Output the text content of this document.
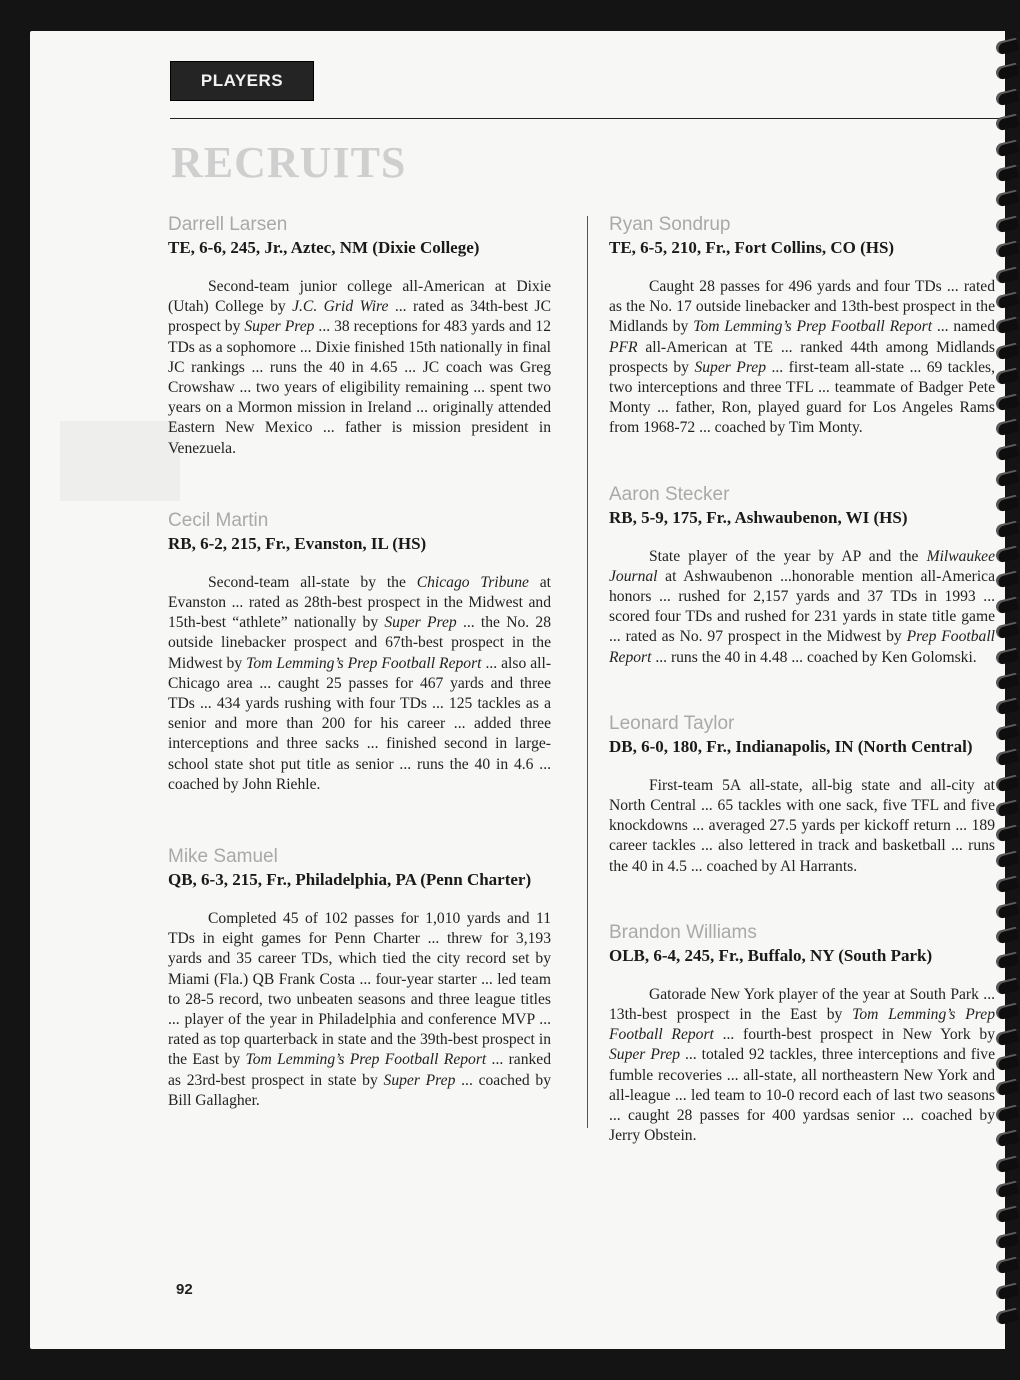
PLAYERS
RECRUITS
Darrell Larsen
TE, 6-6, 245, Jr., Aztec, NM (Dixie College)
Second-team junior college all-American at Dixie (Utah) College by J.C. Grid Wire ... rated as 34th-best JC prospect by Super Prep ... 38 receptions for 483 yards and 12 TDs as a sophomore ... Dixie finished 15th nationally in final JC rankings ... runs the 40 in 4.65 ... JC coach was Greg Crowshaw ... two years of eligibility remaining ... spent two years on a Mormon mission in Ireland ... originally attended Eastern New Mexico ... father is mission president in Venezuela.
Cecil Martin
RB, 6-2, 215, Fr., Evanston, IL (HS)
Second-team all-state by the Chicago Tribune at Evanston ... rated as 28th-best prospect in the Midwest and 15th-best “athlete” nationally by Super Prep ... the No. 28 outside linebacker prospect and 67th-best prospect in the Midwest by Tom Lemming’s Prep Football Report ... also all-Chicago area ... caught 25 passes for 467 yards and three TDs ... 434 yards rushing with four TDs ... 125 tackles as a senior and more than 200 for his career ... added three interceptions and three sacks ... finished second in large-school state shot put title as senior ... runs the 40 in 4.6 ... coached by John Riehle.
Mike Samuel
QB, 6-3, 215, Fr., Philadelphia, PA (Penn Charter)
Completed 45 of 102 passes for 1,010 yards and 11 TDs in eight games for Penn Charter ... threw for 3,193 yards and 35 career TDs, which tied the city record set by Miami (Fla.) QB Frank Costa ... four-year starter ... led team to 28-5 record, two unbeaten seasons and three league titles ... player of the year in Philadelphia and conference MVP ... rated as top quarterback in state and the 39th-best prospect in the East by Tom Lemming’s Prep Football Report ... ranked as 23rd-best prospect in state by Super Prep ... coached by Bill Gallagher.
Ryan Sondrup
TE, 6-5, 210, Fr., Fort Collins, CO (HS)
Caught 28 passes for 496 yards and four TDs ... rated as the No. 17 outside linebacker and 13th-best prospect in the Midlands by Tom Lemming’s Prep Football Report ... named PFR all-American at TE ... ranked 44th among Midlands prospects by Super Prep ... first-team all-state ... 69 tackles, two interceptions and three TFL ... teammate of Badger Pete Monty ... father, Ron, played guard for Los Angeles Rams from 1968-72 ... coached by Tim Monty.
Aaron Stecker
RB, 5-9, 175, Fr., Ashwaubenon, WI (HS)
State player of the year by AP and the Milwaukee Journal at Ashwaubenon ...honorable mention all-America honors ... rushed for 2,157 yards and 37 TDs in 1993 ... scored four TDs and rushed for 231 yards in state title game ... rated as No. 97 prospect in the Midwest by Prep Football Report ... runs the 40 in 4.48 ... coached by Ken Golomski.
Leonard Taylor
DB, 6-0, 180, Fr., Indianapolis, IN (North Central)
First-team 5A all-state, all-big state and all-city at North Central ... 65 tackles with one sack, five TFL and five knockdowns ... averaged 27.5 yards per kickoff return ... 189 career tackles ... also lettered in track and basketball ... runs the 40 in 4.5 ... coached by Al Harrants.
Brandon Williams
OLB, 6-4, 245, Fr., Buffalo, NY (South Park)
Gatorade New York player of the year at South Park ... 13th-best prospect in the East by Tom Lemming’s Prep Football Report ... fourth-best prospect in New York by Super Prep ... totaled 92 tackles, three interceptions and five fumble recoveries ... all-state, all northeastern New York and all-league ... led team to 10-0 record each of last two seasons ... caught 28 passes for 400 yardsas senior ... coached by Jerry Obstein.
92
